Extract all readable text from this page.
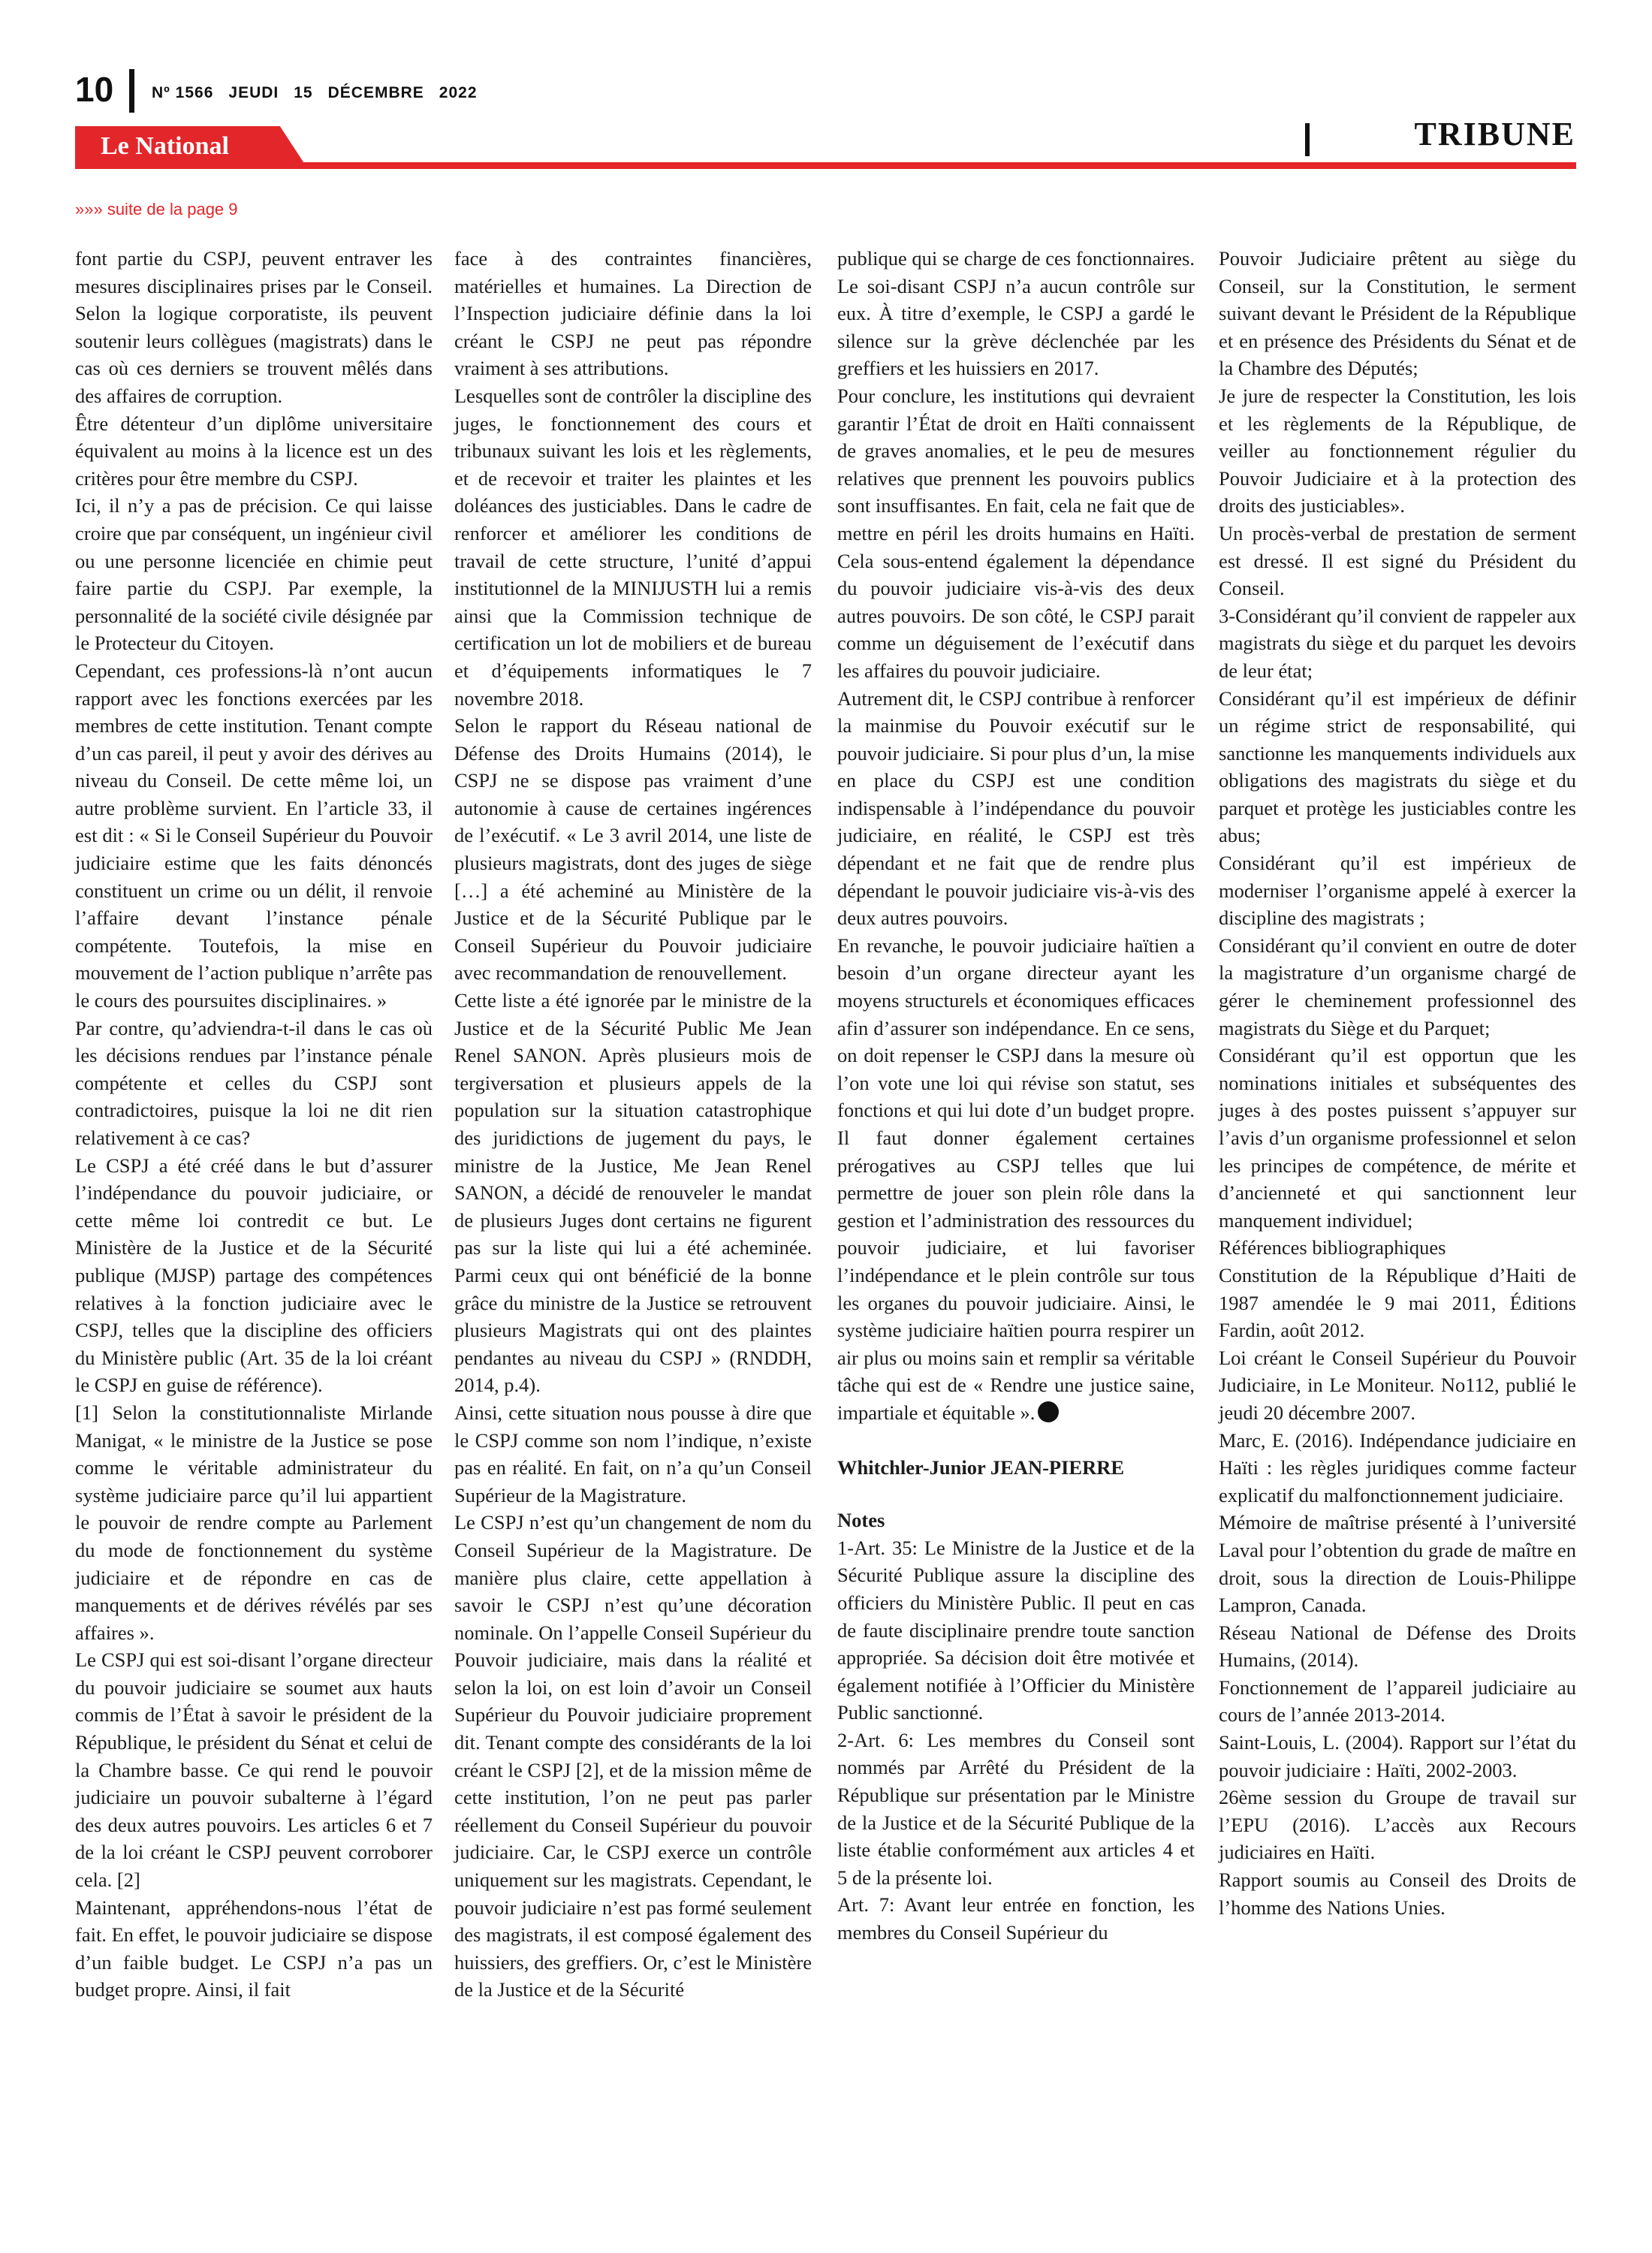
10 Nº 1566 JEUDI 15 DÉCEMBRE 2022
Le National	TRIBUNE
»»» suite de la page 9

font partie du CSPJ, peuvent entraver les mesures disciplinaires prises par le Conseil. Selon la logique corporatiste, ils peuvent soutenir leurs collègues (magistrats) dans le cas où ces derniers se trouvent mêlés dans des affaires de corruption.

Être détenteur d’un diplôme universitaire équivalent au moins à la licence est un des critères pour être membre du CSPJ.

Ici, il n’y a pas de précision. Ce qui laisse croire que par conséquent, un ingénieur civil ou une personne licenciée en chimie peut faire partie du CSPJ. Par exemple, la personnalité de la société civile désignée par le Protecteur du Citoyen.

Cependant, ces professions-là n’ont aucun rapport avec les fonctions exercées par les membres de cette institution. Tenant compte d’un cas pareil, il peut y avoir des dérives au niveau du Conseil. De cette même loi, un autre problème survient. En l’article 33, il est dit : « Si le Conseil Supérieur du Pouvoir judiciaire estime que les faits dénoncés constituent un crime ou un délit, il renvoie l’affaire devant l’instance pénale compétente. Toutefois, la mise en mouvement de l’action publique n’arrête pas le cours des poursuites disciplinaires. »

Par contre, qu’adviendra-t-il dans le cas où les décisions rendues par l’instance pénale compétente et celles du CSPJ sont contradictoires, puisque la loi ne dit rien relativement à ce cas?

Le CSPJ a été créé dans le but d’assurer l’indépendance du pouvoir judiciaire, or cette même loi contredit ce but. Le Ministère de la Justice et de la Sécurité publique (MJSP) partage des compétences relatives à la fonction judiciaire avec le CSPJ, telles que la discipline des officiers du Ministère public (Art. 35 de la loi créant le CSPJ en guise de référence).

[1] Selon la constitutionnaliste Mirlande Manigat, « le ministre de la Justice se pose comme le véritable administrateur du système judiciaire parce qu’il lui appartient le pouvoir de rendre compte au Parlement du mode de fonctionnement du système judiciaire et de répondre en cas de manquements et de dérives révélés par ses affaires ».

Le CSPJ qui est soi-disant l’organe directeur du pouvoir judiciaire se soumet aux hauts commis de l’État à savoir le président de la République, le président du Sénat et celui de la Chambre basse. Ce qui rend le pouvoir judiciaire un pouvoir subalterne à l’égard des deux autres pouvoirs. Les articles 6 et 7 de la loi créant le CSPJ peuvent corroborer cela. [2]

Maintenant, appréhendons-nous l’état de fait. En effet, le pouvoir judiciaire se dispose d’un faible budget. Le CSPJ n’a pas un budget propre. Ainsi, il fait

face à des contraintes financières, matérielles et humaines. La Direction de l’Inspection judiciaire définie dans la loi créant le CSPJ ne peut pas répondre vraiment à ses attributions.

Lesquelles sont de contrôler la discipline des juges, le fonctionnement des cours et tribunaux suivant les lois et les règlements, et de recevoir et traiter les plaintes et les doléances des justiciables. Dans le cadre de renforcer et améliorer les conditions de travail de cette structure, l’unité d’appui institutionnel de la MINIJUSTH lui a remis ainsi que la Commission technique de certification un lot de mobiliers et de bureau et d’équipements informatiques le 7 novembre 2018.

Selon le rapport du Réseau national de Défense des Droits Humains (2014), le CSPJ ne se dispose pas vraiment d’une autonomie à cause de certaines ingérences de l’exécutif. « Le 3 avril 2014, une liste de plusieurs magistrats, dont des juges de siège […] a été acheminé au Ministère de la Justice et de la Sécurité Publique par le Conseil Supérieur du Pouvoir judiciaire avec recommandation de renouvellement.

Cette liste a été ignorée par le ministre de la Justice et de la Sécurité Public Me Jean Renel SANON. Après plusieurs mois de tergiversation et plusieurs appels de la population sur la situation catastrophique des juridictions de jugement du pays, le ministre de la Justice, Me Jean Renel SANON, a décidé de renouveler le mandat de plusieurs Juges dont certains ne figurent pas sur la liste qui lui a été acheminée. Parmi ceux qui ont bénéficié de la bonne grâce du ministre de la Justice se retrouvent plusieurs Magistrats qui ont des plaintes pendantes au niveau du CSPJ » (RNDDH, 2014, p.4).

Ainsi, cette situation nous pousse à dire que le CSPJ comme son nom l’indique, n’existe pas en réalité. En fait, on n’a qu’un Conseil Supérieur de la Magistrature.

Le CSPJ n’est qu’un changement de nom du Conseil Supérieur de la Magistrature. De manière plus claire, cette appellation à savoir le CSPJ n’est qu’une décoration nominale. On l’appelle Conseil Supérieur du Pouvoir judiciaire, mais dans la réalité et selon la loi, on est loin d’avoir un Conseil Supérieur du Pouvoir judiciaire proprement dit. Tenant compte des considérants de la loi créant le CSPJ [2], et de la mission même de cette institution, l’on ne peut pas parler réellement du Conseil Supérieur du pouvoir judiciaire. Car, le CSPJ exerce un contrôle uniquement sur les magistrats. Cependant, le pouvoir judiciaire n’est pas formé seulement des magistrats, il est composé également des huissiers, des greffiers. Or, c’est le Ministère de la Justice et de la Sécurité

publique qui se charge de ces fonctionnaires. Le soi-disant CSPJ n’a aucun contrôle sur eux. À titre d’exemple, le CSPJ a gardé le silence sur la grève déclenchée par les greffiers et les huissiers en 2017.

Pour conclure, les institutions qui devraient garantir l’État de droit en Haïti connaissent de graves anomalies, et le peu de mesures relatives que prennent les pouvoirs publics sont insuffisantes. En fait, cela ne fait que de mettre en péril les droits humains en Haïti. Cela sous-entend également la dépendance du pouvoir judiciaire vis-à-vis des deux autres pouvoirs. De son côté, le CSPJ parait comme un déguisement de l’exécutif dans les affaires du pouvoir judiciaire.

Autrement dit, le CSPJ contribue à renforcer la mainmise du Pouvoir exécutif sur le pouvoir judiciaire. Si pour plus d’un, la mise en place du CSPJ est une condition indispensable à l’indépendance du pouvoir judiciaire, en réalité, le CSPJ est très dépendant et ne fait que de rendre plus dépendant le pouvoir judiciaire vis-à-vis des deux autres pouvoirs.

En revanche, le pouvoir judiciaire haïtien a besoin d’un organe directeur ayant les moyens structurels et économiques efficaces afin d’assurer son indépendance. En ce sens, on doit repenser le CSPJ dans la mesure où l’on vote une loi qui révise son statut, ses fonctions et qui lui dote d’un budget propre. Il faut donner également certaines prérogatives au CSPJ telles que lui permettre de jouer son plein rôle dans la gestion et l’administration des ressources du pouvoir judiciaire, et lui favoriser l’indépendance et le plein contrôle sur tous les organes du pouvoir judiciaire. Ainsi, le système judiciaire haïtien pourra respirer un air plus ou moins sain et remplir sa véritable tâche qui est de « Rendre une justice saine, impartiale et équitable ».

Whitchler-Junior JEAN-PIERRE

Notes

1-Art. 35: Le Ministre de la Justice et de la Sécurité Publique assure la discipline des officiers du Ministère Public. Il peut en cas de faute disciplinaire prendre toute sanction appropriée. Sa décision doit être motivée et également notifiée à l’Officier du Ministère Public sanctionné.

2-Art. 6: Les membres du Conseil sont nommés par Arrêté du Président de la République sur présentation par le Ministre de la Justice et de la Sécurité Publique de la liste établie conformément aux articles 4 et 5 de la présente loi.

Art. 7: Avant leur entrée en fonction, les membres du Conseil Supérieur du

Pouvoir Judiciaire prêtent au siège du Conseil, sur la Constitution, le serment suivant devant le Président de la République et en présence des Présidents du Sénat et de la Chambre des Députés;

Je jure de respecter la Constitution, les lois et les règlements de la République, de veiller au fonctionnement régulier du Pouvoir Judiciaire et à la protection des droits des justiciables».

Un procès-verbal de prestation de serment est dressé. Il est signé du Président du Conseil.

3-Considérant qu’il convient de rappeler aux magistrats du siège et du parquet les devoirs de leur état;

Considérant qu’il est impérieux de définir un régime strict de responsabilité, qui sanctionne les manquements individuels aux obligations des magistrats du siège et du parquet et protège les justiciables contre les abus;

Considérant qu’il est impérieux de moderniser l’organisme appelé à exercer la discipline des magistrats ;

Considérant qu’il convient en outre de doter la magistrature d’un organisme chargé de gérer le cheminement professionnel des magistrats du Siège et du Parquet;

Considérant qu’il est opportun que les nominations initiales et subséquentes des juges à des postes puissent s’appuyer sur l’avis d’un organisme professionnel et selon les principes de compétence, de mérite et d’ancienneté et qui sanctionnent leur manquement individuel;

Références bibliographiques

Constitution de la République d’Haiti de 1987 amendée le 9 mai 2011, Éditions Fardin, août 2012.

Loi créant le Conseil Supérieur du Pouvoir Judiciaire, in Le Moniteur. No112, publié le jeudi 20 décembre 2007.

Marc, E. (2016). Indépendance judiciaire en Haïti : les règles juridiques comme facteur explicatif du malfonctionnement judiciaire.

Mémoire de maîtrise présenté à l’université Laval pour l’obtention du grade de maître en droit, sous la direction de Louis-Philippe Lampron, Canada.

Réseau National de Défense des Droits Humains, (2014).

Fonctionnement de l’appareil judiciaire au cours de l’année 2013-2014.

Saint-Louis, L. (2004). Rapport sur l’état du pouvoir judiciaire : Haïti, 2002-2003.

26ème session du Groupe de travail sur l’EPU (2016). L’accès aux Recours judiciaires en Haïti.

Rapport soumis au Conseil des Droits de l’homme des Nations Unies.
